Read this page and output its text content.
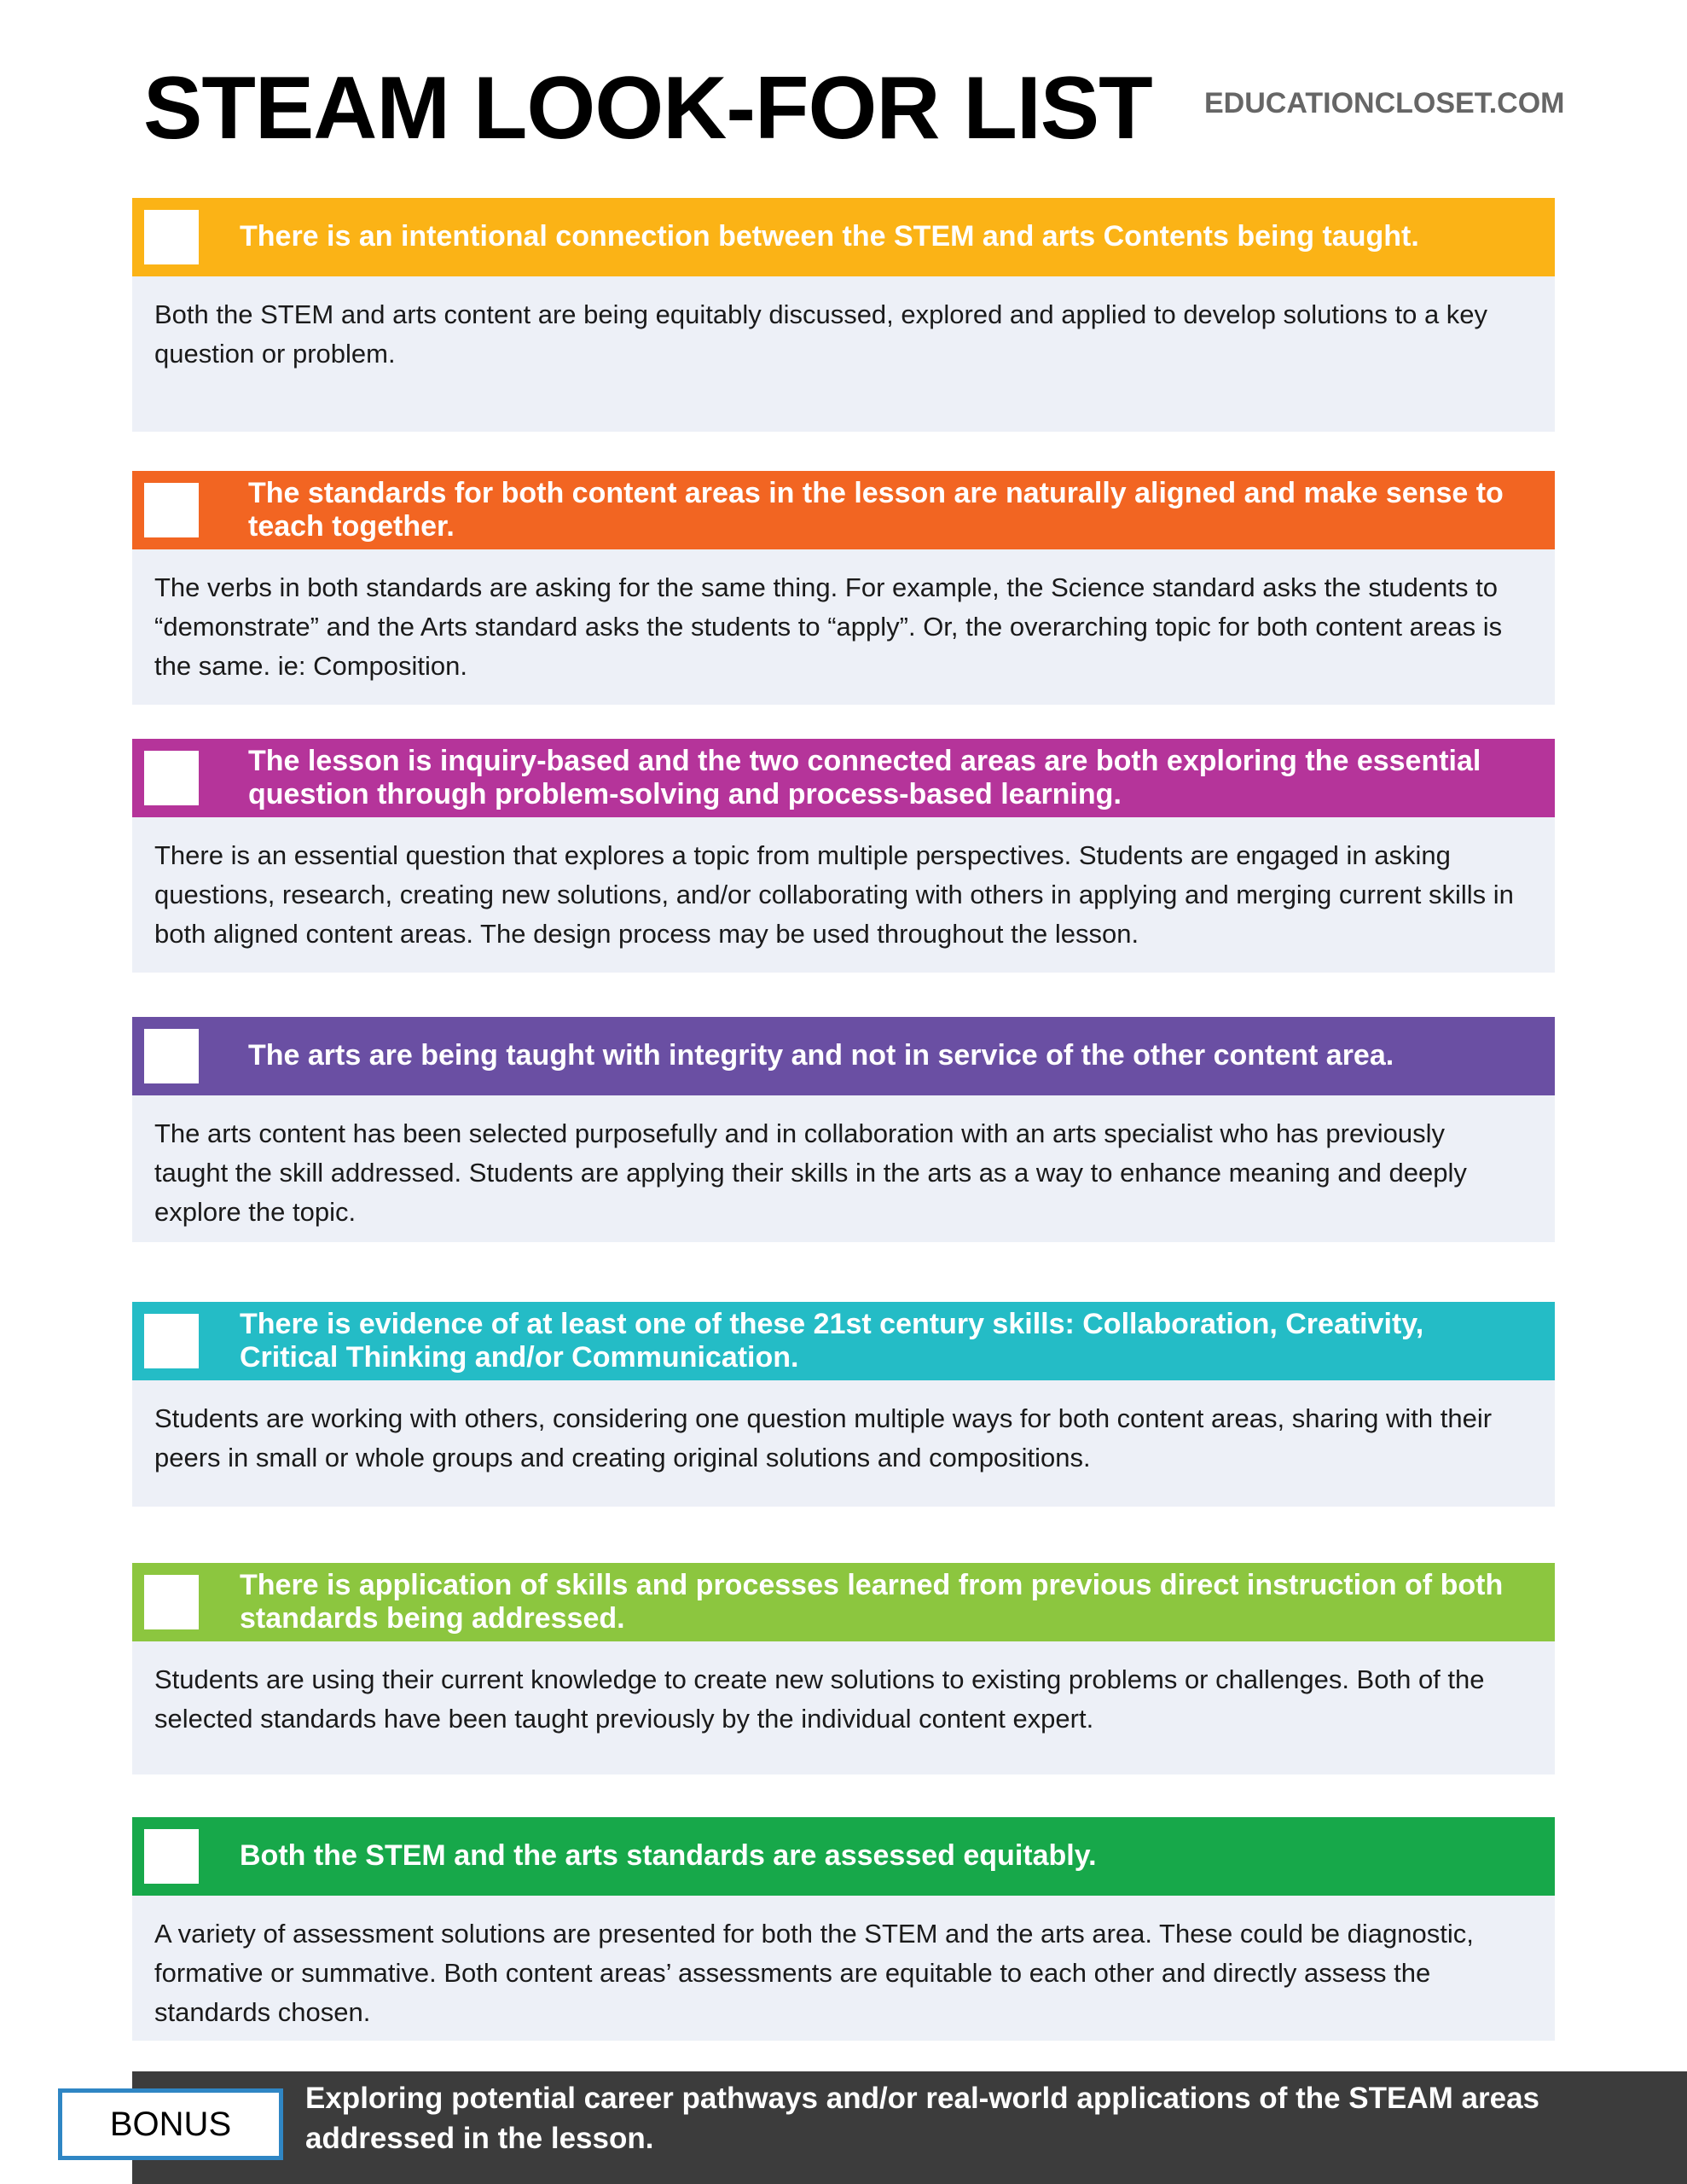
STEAM LOOK-FOR LIST EDUCATIONCLOSET.COM
There is an intentional connection between the STEM and arts Contents being taught.
Both the STEM and arts content are being equitably discussed, explored and applied to develop solutions to a key question or problem.
The standards for both content areas in the lesson are naturally aligned and make sense to teach together.
The verbs in both standards are asking for the same thing. For example, the Science standard asks the students to “demonstrate” and the Arts standard asks the students to “apply”. Or, the overarching topic for both content areas is the same. ie: Composition.
The lesson is inquiry-based and the two connected areas are both exploring the essential question through problem-solving and process-based learning.
There is an essential question that explores a topic from multiple perspectives. Students are engaged in asking questions, research, creating new solutions, and/or collaborating with others in applying and merging current skills in both aligned content areas. The design process may be used throughout the lesson.
The arts are being taught with integrity and not in service of the other content area.
The arts content has been selected purposefully and in collaboration with an arts specialist who has previously taught the skill addressed. Students are applying their skills in the arts as a way to enhance meaning and deeply explore the topic.
There is evidence of at least one of these 21st century skills: Collaboration, Creativity, Critical Thinking and/or Communication.
Students are working with others, considering one question multiple ways for both content areas, sharing with their peers in small or whole groups and creating original solutions and compositions.
There is application of skills and processes learned from previous direct instruction of both standards being addressed.
Students are using their current knowledge to create new solutions to existing problems or challenges. Both of the selected standards have been taught previously by the individual content expert.
Both the STEM and the arts standards are assessed equitably.
A variety of assessment solutions are presented for both the STEM and the arts area. These could be diagnostic, formative or summative. Both content areas’ assessments are equitable to each other and directly assess the standards chosen.
BONUS
Exploring potential career pathways and/or real-world applications of the STEAM areas addressed in the lesson.
